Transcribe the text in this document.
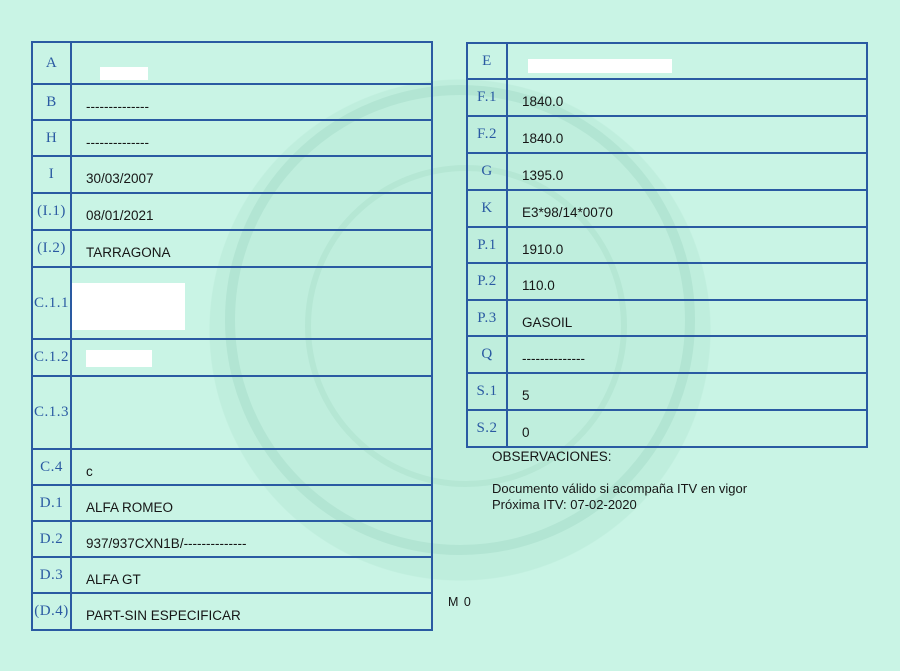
A	
B	--------------
H	--------------
I	30/03/2007
(I.1)	08/01/2021
(I.2)	TARRAGONA
C.1.1	
C.1.2	
C.1.3	
C.4	c
D.1	ALFA ROMEO
D.2	937/937CXN1B/--------------
D.3	ALFA GT
(D.4)	PART-SIN ESPECIFICAR
E	
F.1	1840.0
F.2	1840.0
G	1395.0
K	E3*98/14*0070
P.1	1910.0
P.2	110.0
P.3	GASOIL
Q	--------------
S.1	5
S.2	0
OBSERVACIONES:
Documento válido si acompaña ITV en vigor
Próxima ITV: 07-02-2020
M 0
